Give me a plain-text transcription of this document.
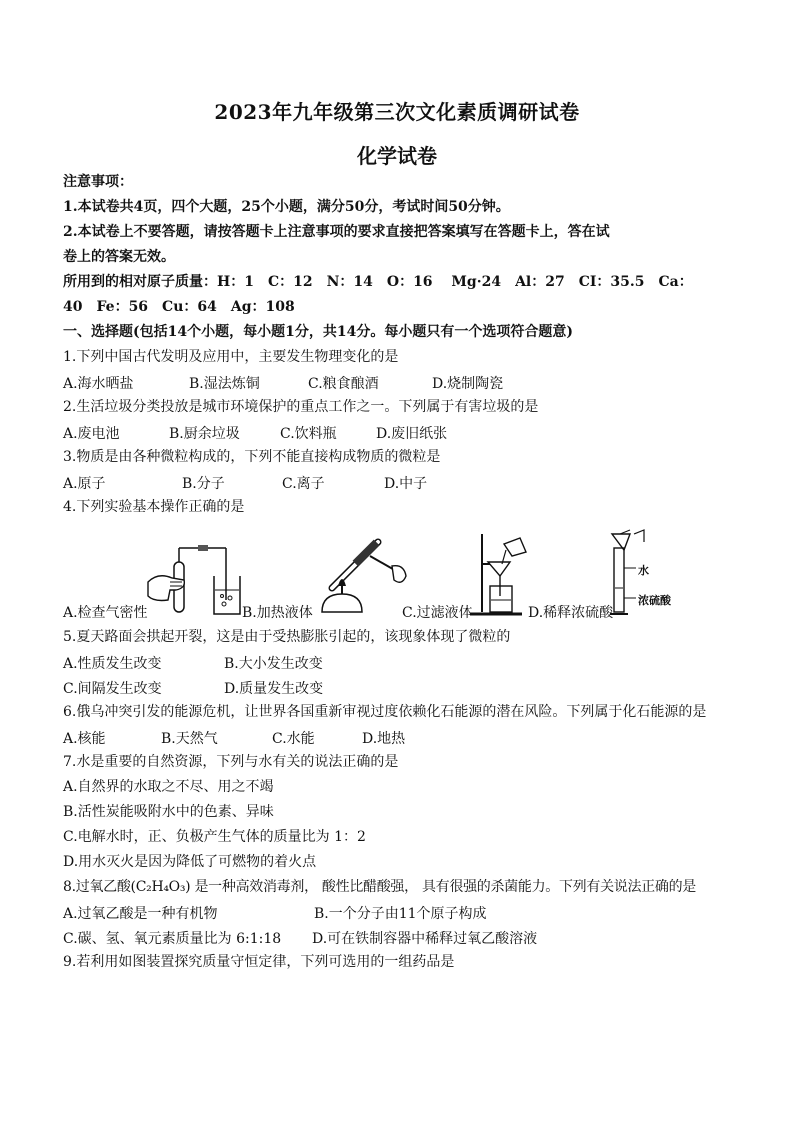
2023年九年级第三次文化素质调研试卷
化学试卷
注意事项：
1.本试卷共4页，四个大题，25个小题，满分50分，考试时间50分钟。
2.本试卷上不要答题，请按答题卡上注意事项的要求直接把答案填写在答题卡上，答在试
卷上的答案无效。
所用到的相对原子质量：H：1　C：12　N：14　O：16　 Mg·24　Al：27　CI：35.5　Ca：
40　Fe：56　Cu：64　Ag：108
一、选择题(包括14个小题，每小题1分，共14分。每小题只有一个选项符合题意)
1.下列中国古代发明及应用中，主要发生物理变化的是
A.海水晒盐	B.湿法炼铜	C.粮食酿酒	D.烧制陶瓷
2.生活垃圾分类投放是城市环境保护的重点工作之一。下列属于有害垃圾的是
A.废电池	B.厨余垃圾	C.饮料瓶	D.废旧纸张
3.物质是由各种微粒构成的，下列不能直接构成物质的微粒是
A.原子	B.分子	C.离子	D.中子
4.下列实验基本操作正确的是
水
浓硫酸
A.检查气密性	B.加热液体	C.过滤液体	D.稀释浓硫酸
5.夏天路面会拱起开裂，这是由于受热膨胀引起的，该现象体现了微粒的
A.性质发生改变	B.大小发生改变
C.间隔发生改变	D.质量发生改变
6.俄乌冲突引发的能源危机，让世界各国重新审视过度依赖化石能源的潜在风险。下列属于化石能源的是
A.核能	B.天然气	C.水能	D.地热
7.水是重要的自然资源，下列与水有关的说法正确的是
A.自然界的水取之不尽、用之不竭
B.活性炭能吸附水中的色素、异味
C.电解水时，正、负极产生气体的质量比为 1：2
D.用水灭火是因为降低了可燃物的着火点
8.过氧乙酸(C₂H₄O₃) 是一种高效消毒剂， 酸性比醋酸强， 具有很强的杀菌能力。下列有关说法正确的是
A.过氧乙酸是一种有机物	B.一个分子由11个原子构成
C.碳、氢、氧元素质量比为 6:1:18 D.可在铁制容器中稀释过氧乙酸溶液
9.若利用如图装置探究质量守恒定律，下列可选用的一组药品是
